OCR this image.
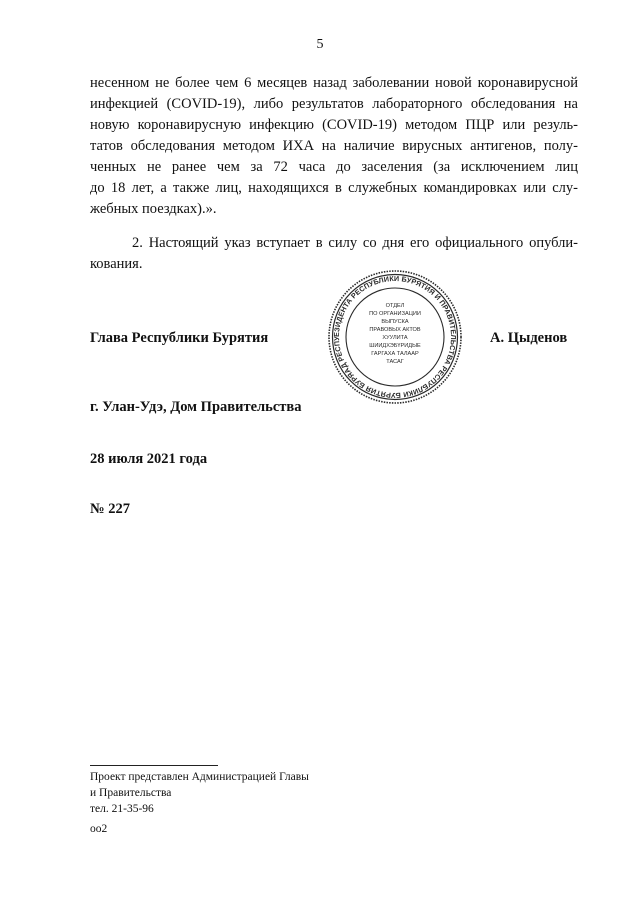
5
несенном не более чем 6 месяцев назад заболевании новой коронавирусной
инфекцией (COVID-19), либо результатов лабораторного обследования на
новую коронавирусную инфекцию (COVID-19) методом ПЦР или резуль-
татов обследования методом ИХА на наличие вирусных антигенов, полу-
ченных не ранее чем за 72 часа до заселения (за исключением лиц
до 18 лет, а также лиц, находящихся в служебных командировках или слу-
жебных поездках).».
2. Настоящий указ вступает в силу со дня его официального опубли-
кования.
ЕЗИДЕНТА РЕСПУБЛИКИ БУРЯТИЯ И ПРАВИТЕЛЬСТВА РЕСПУБЛИКИ БУРЯТИЯ БУРЯАД РЕСПУ
ОТДЕЛ
ПО ОРГАНИЗАЦИИ
ВЫПУСКА
ПРАВОВЫХ АКТОВ
ХУУЛИТА
ШИИДХЭБҮРИДЫЕ
ГАРГАХА ТАЛААР
ТАСАГ
Глава Республики Бурятия	А. Цыденов
г. Улан-Удэ, Дом Правительства
28 июля 2021 года
№ 227
Проект представлен Администрацией Главы
и Правительства
тел. 21-35-96
оо2
